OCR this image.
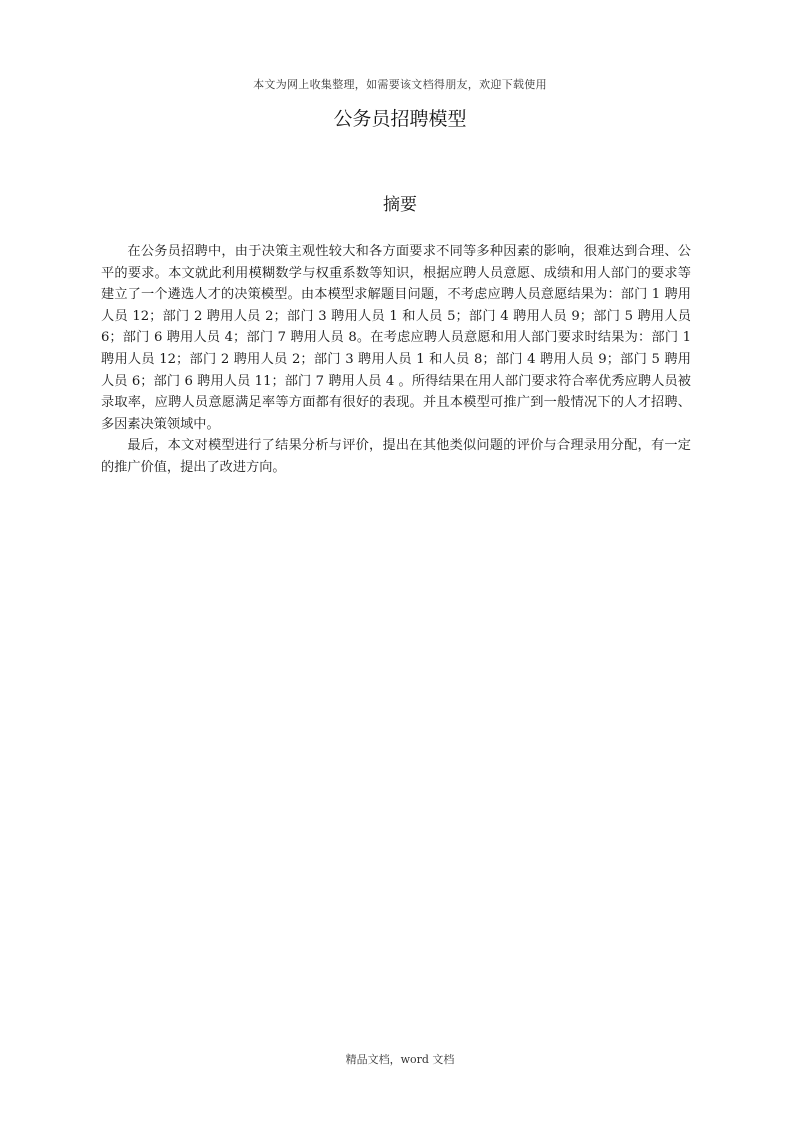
本文为网上收集整理，如需要该文档得朋友，欢迎下载使用
公务员招聘模型
摘要

在公务员招聘中，由于决策主观性较大和各方面要求不同等多种因素的影响，很难达到合理、公平的要求。本文就此利用模糊数学与权重系数等知识，根据应聘人员意愿、成绩和用人部门的要求等建立了一个遴选人才的决策模型。由本模型求解题目问题，不考虑应聘人员意愿结果为：部门 1 聘用人员 12；部门 2 聘用人员 2；部门 3 聘用人员 1 和人员 5；部门 4 聘用人员 9；部门 5 聘用人员 6；部门 6 聘用人员 4；部门 7 聘用人员 8。在考虑应聘人员意愿和用人部门要求时结果为：部门 1 聘用人员 12；部门 2 聘用人员 2；部门 3 聘用人员 1 和人员 8；部门 4 聘用人员 9；部门 5 聘用人员 6；部门 6 聘用人员 11；部门 7 聘用人员 4 。所得结果在用人部门要求符合率优秀应聘人员被录取率，应聘人员意愿满足率等方面都有很好的表现。并且本模型可推广到一般情况下的人才招聘、多因素决策领域中。

最后，本文对模型进行了结果分析与评价，提出在其他类似问题的评价与合理录用分配，有一定的推广价值，提出了改进方向。

精品文档，word 文档
